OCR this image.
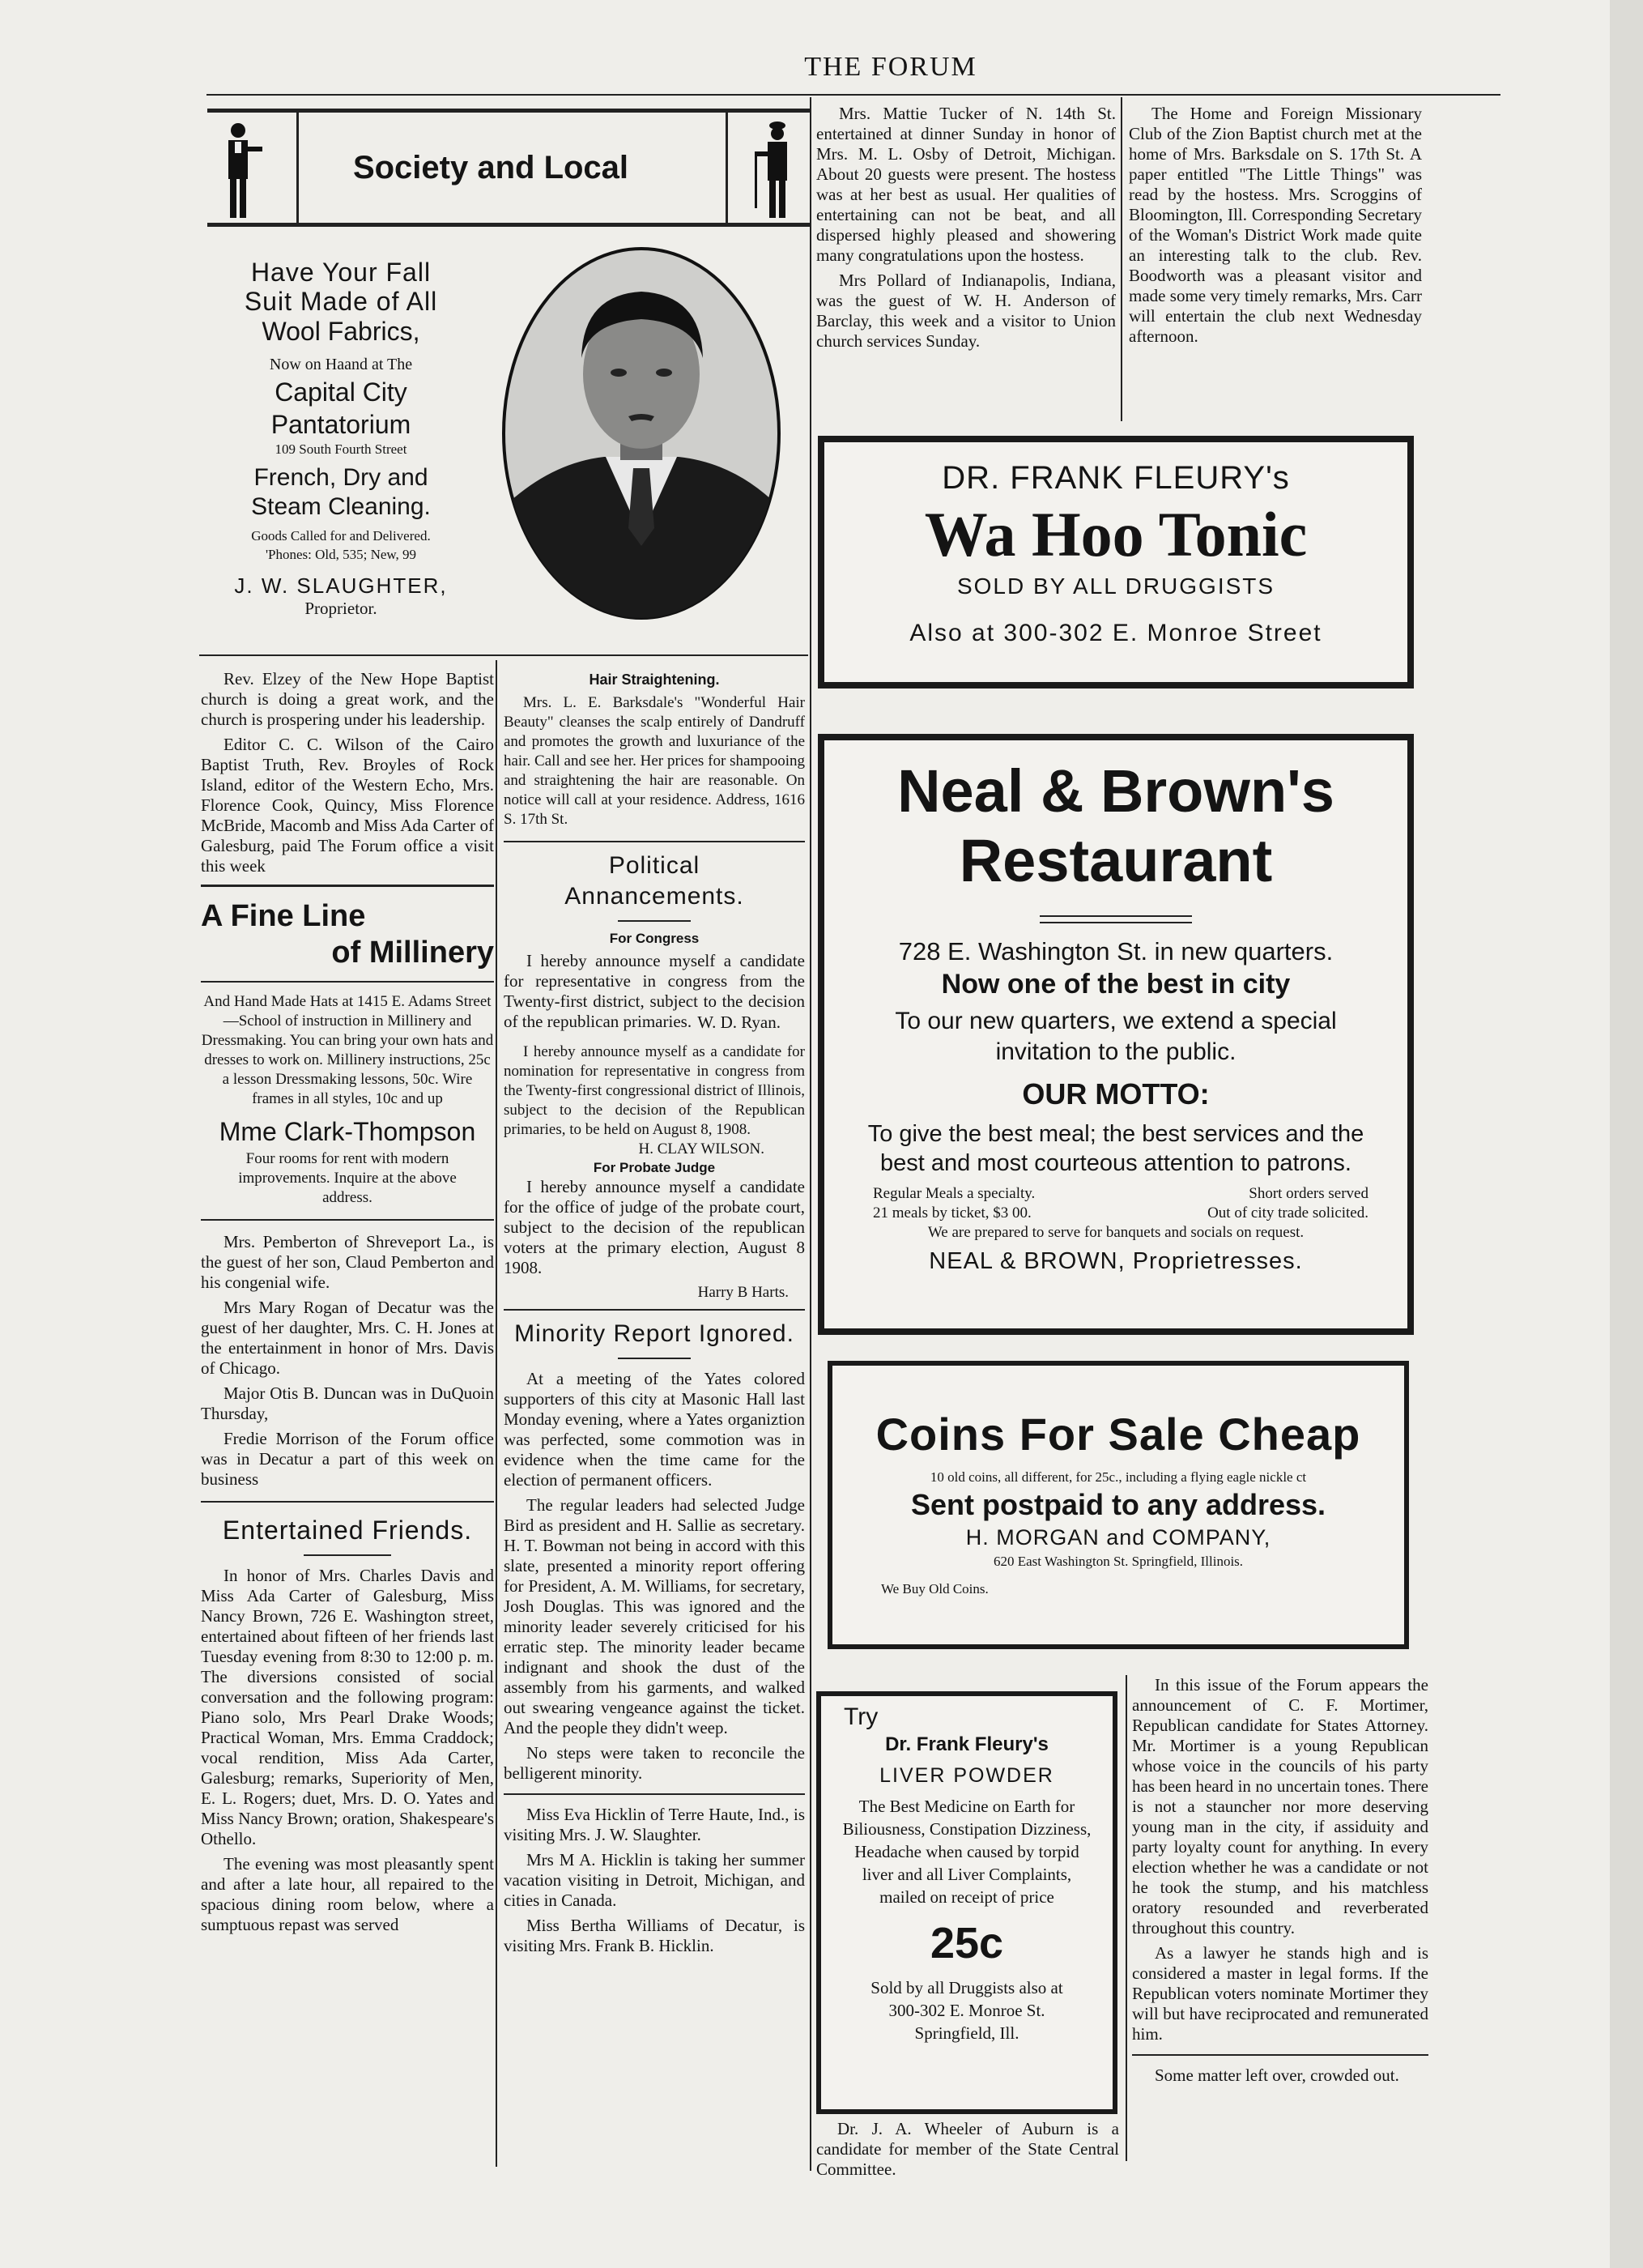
THE FORUM
Society and Local
Have Your Fall
Suit Made of All
Wool Fabrics,
Now on Haand at The
Capital City Pantatorium
109 South Fourth Street
French, Dry and
Steam Cleaning.
Goods Called for and Delivered.
'Phones: Old, 535; New, 99
J. W. SLAUGHTER,
Proprietor.

Rev. Elzey of the New Hope Baptist church is doing a great work, and the church is prospering under his leadership.

Editor C. C. Wilson of the Cairo Baptist Truth, Rev. Broyles of Rock Island, editor of the Western Echo, Mrs. Florence Cook, Quincy, Miss Florence McBride, Macomb and Miss Ada Carter of Galesburg, paid The Forum office a visit this week

A Fine Line
of Millinery
And Hand Made Hats at 1415 E. Adams Street—School of instruction in Millinery and Dressmaking. You can bring your own hats and dresses to work on. Millinery instructions, 25c a lesson Dressmaking lessons, 50c. Wire frames in all styles, 10c and up
Mme Clark-Thompson
Four rooms for rent with modern improvements. Inquire at the above address.

Mrs. Pemberton of Shreveport La., is the guest of her son, Claud Pemberton and his congenial wife.

Mrs Mary Rogan of Decatur was the guest of her daughter, Mrs. C. H. Jones at the entertainment in honor of Mrs. Davis of Chicago.

Major Otis B. Duncan was in DuQuoin Thursday,

Fredie Morrison of the Forum office was in Decatur a part of this week on business

Entertained Friends.

In honor of Mrs. Charles Davis and Miss Ada Carter of Galesburg, Miss Nancy Brown, 726 E. Washington street, entertained about fifteen of her friends last Tuesday evening from 8:30 to 12:00 p. m. The diversions consisted of social conversation and the following program: Piano solo, Mrs Pearl Drake Woods; Practical Woman, Mrs. Emma Craddock; vocal rendition, Miss Ada Carter, Galesburg; remarks, Superiority of Men, E. L. Rogers; duet, Mrs. D. O. Yates and Miss Nancy Brown; oration, Shakespeare's Othello.

The evening was most pleasantly spent and after a late hour, all repaired to the spacious dining room below, where a sumptuous repast was served

Hair Straightening.
Mrs. L. E. Barksdale's "Wonderful Hair Beauty" cleanses the scalp entirely of Dandruff and promotes the growth and luxuriance of the hair. Call and see her. Her prices for shampooing and straightening the hair are reasonable. On notice will call at your residence. Address, 1616 S. 17th St.
Political Annancements.
For Congress

I hereby announce myself a candidate for representative in congress from the Twenty-first district, subject to the decision of the republican primaries. W. D. Ryan.
I hereby announce myself as a candidate for nomination for representative in congress from the Twenty-first congressional district of Illinois, subject to the decision of the Republican primaries, to be held on August 8, 1908.
H. CLAY WILSON.
For Probate Judge

I hereby announce myself a candidate for the office of judge of the probate court, subject to the decision of the republican voters at the primary election, August 8 1908.

Harry B Harts.
Minority Report Ignored.

At a meeting of the Yates colored supporters of this city at Masonic Hall last Monday evening, where a Yates organiztion was perfected, some commotion was in evidence when the time came for the election of permanent officers.

The regular leaders had selected Judge Bird as president and H. Sallie as secretary. H. T. Bowman not being in accord with this slate, presented a minority report offering for President, A. M. Williams, for secretary, Josh Douglas. This was ignored and the minority leader severely criticised for his erratic step. The minority leader became indignant and shook the dust of the assembly from his garments, and walked out swearing vengeance against the ticket. And the people they didn't weep.

No steps were taken to reconcile the belligerent minority.

Miss Eva Hicklin of Terre Haute, Ind., is visiting Mrs. J. W. Slaughter.

Mrs M A. Hicklin is taking her summer vacation visiting in Detroit, Michigan, and cities in Canada.

Miss Bertha Williams of Decatur, is visiting Mrs. Frank B. Hicklin.

Mrs. Mattie Tucker of N. 14th St. entertained at dinner Sunday in honor of Mrs. M. L. Osby of Detroit, Michigan. About 20 guests were present. The hostess was at her best as usual. Her qualities of entertaining can not be beat, and all dispersed highly pleased and showering many congratulations upon the hostess.

Mrs Pollard of Indianapolis, Indiana, was the guest of W. H. Anderson of Barclay, this week and a visitor to Union church services Sunday.

The Home and Foreign Missionary Club of the Zion Baptist church met at the home of Mrs. Barksdale on S. 17th St. A paper entitled "The Little Things" was read by the hostess. Mrs. Scroggins of Bloomington, Ill. Corresponding Secretary of the Woman's District Work made quite an interesting talk to the club. Rev. Boodworth was a pleasant visitor and made some very timely remarks, Mrs. Carr will entertain the club next Wednesday afternoon.

DR. FRANK FLEURY's
Wa Hoo Tonic
SOLD BY ALL DRUGGISTS
Also at 300-302 E. Monroe Street
Neal & Brown's
Restaurant
728 E. Washington St. in new quarters.
Now one of the best in city
To our new quarters, we extend a special invitation to the public.
OUR MOTTO:
To give the best meal; the best services and the best and most courteous attention to patrons.
Regular Meals a specialty.	Short orders served
21 meals by ticket, $3 00.	Out of city trade solicited.
We are prepared to serve for banquets and socials on request.
NEAL & BROWN, Proprietresses.
Coins For Sale Cheap
10 old coins, all different, for 25c., including a flying eagle nickle ct
Sent postpaid to any address.
H. MORGAN and COMPANY,
620 East Washington St. Springfield, Illinois.
We Buy Old Coins.
Try
Dr. Frank Fleury's
LIVER POWDER
The Best Medicine on Earth for Biliousness, Constipation Dizziness, Headache when caused by torpid liver and all Liver Complaints, mailed on receipt of price
25c
Sold by all Druggists also at 300-302 E. Monroe St. Springfield, Ill.
Dr. J. A. Wheeler of Auburn is a candidate for member of the State Central Committee.

In this issue of the Forum appears the announcement of C. F. Mortimer, Republican candidate for States Attorney. Mr. Mortimer is a young Republican whose voice in the councils of his party has been heard in no uncertain tones. There is not a stauncher nor more deserving young man in the city, if assiduity and party loyalty count for anything. In every election whether he was a candidate or not he took the stump, and his matchless oratory resounded and reverberated throughout this country.

As a lawyer he stands high and is considered a master in legal forms. If the Republican voters nominate Mortimer they will but have reciprocated and remunerated him.

Some matter left over, crowded out.
